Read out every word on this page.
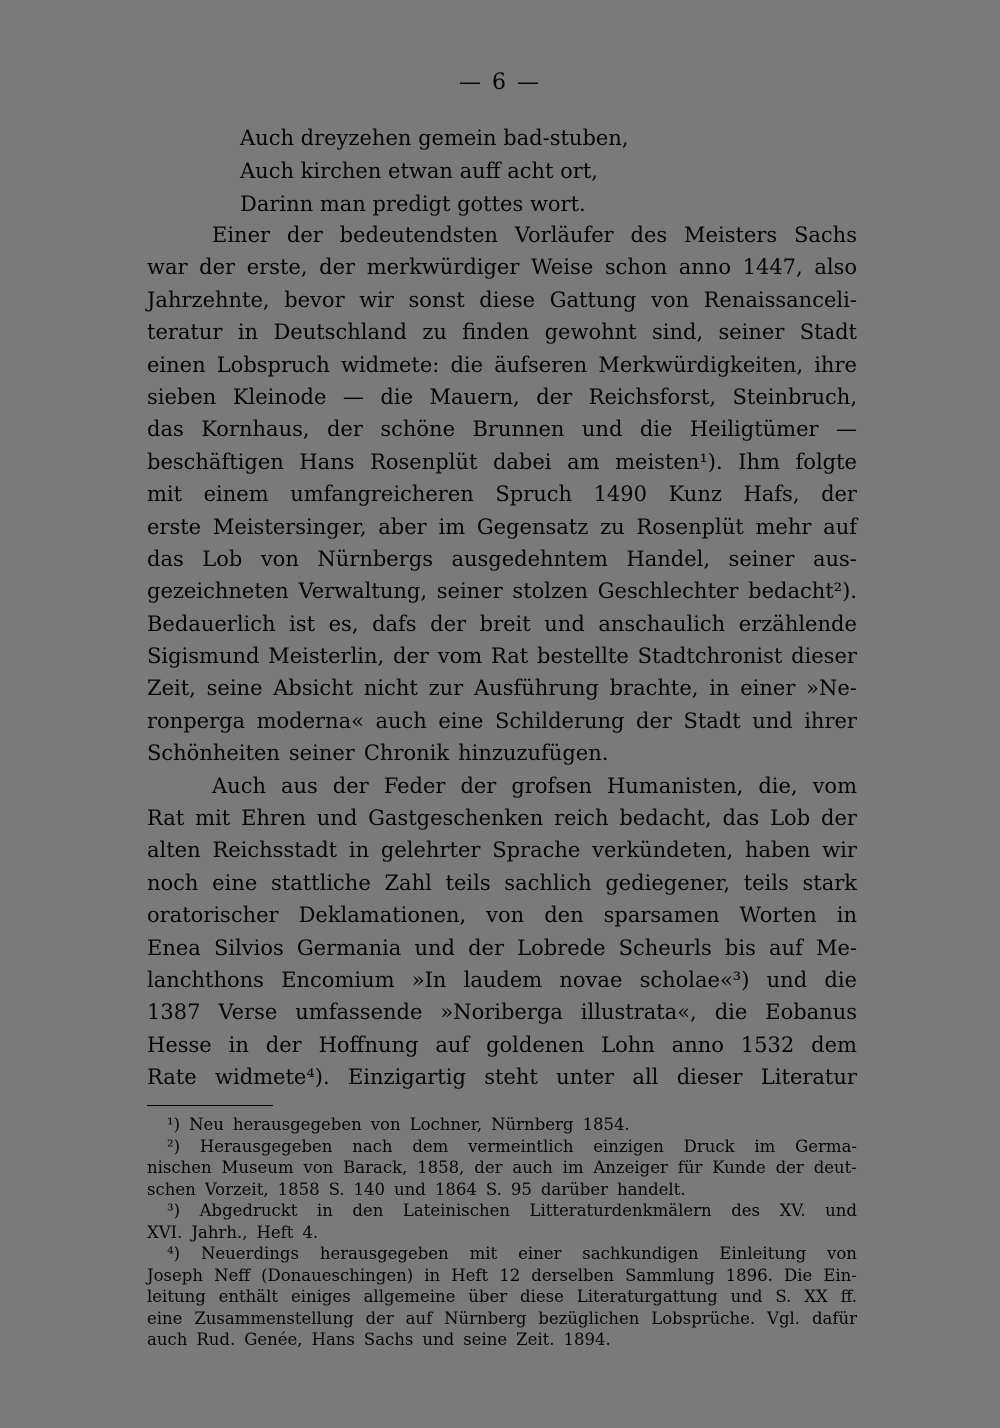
— 6 —
Auch dreyzehen gemein bad-stuben,
Auch kirchen etwan auff acht ort,
Darinn man predigt gottes wort.
Einer der bedeutendsten Vorläufer des Meisters Sachs
war der erste, der merkwürdiger Weise schon anno 1447, also
Jahrzehnte, bevor wir sonst diese Gattung von Renaissanceli-
teratur in Deutschland zu finden gewohnt sind, seiner Stadt
einen Lobspruch widmete: die äufseren Merkwürdigkeiten, ihre
sieben Kleinode — die Mauern, der Reichsforst, Steinbruch,
das Kornhaus, der schöne Brunnen und die Heiligtümer —
beschäftigen Hans Rosenplüt dabei am meisten¹). Ihm folgte
mit einem umfangreicheren Spruch 1490 Kunz Hafs, der
erste Meistersinger, aber im Gegensatz zu Rosenplüt mehr auf
das Lob von Nürnbergs ausgedehntem Handel, seiner aus-
gezeichneten Verwaltung, seiner stolzen Geschlechter bedacht²).
Bedauerlich ist es, dafs der breit und anschaulich erzählende
Sigismund Meisterlin, der vom Rat bestellte Stadtchronist dieser
Zeit, seine Absicht nicht zur Ausführung brachte, in einer »Ne-
ronperga moderna« auch eine Schilderung der Stadt und ihrer
Schönheiten seiner Chronik hinzuzufügen.
Auch aus der Feder der grofsen Humanisten, die, vom
Rat mit Ehren und Gastgeschenken reich bedacht, das Lob der
alten Reichsstadt in gelehrter Sprache verkündeten, haben wir
noch eine stattliche Zahl teils sachlich gediegener, teils stark
oratorischer Deklamationen, von den sparsamen Worten in
Enea Silvios Germania und der Lobrede Scheurls bis auf Me-
lanchthons Encomium »In laudem novae scholae«³) und die
1387 Verse umfassende »Noriberga illustrata«, die Eobanus
Hesse in der Hoffnung auf goldenen Lohn anno 1532 dem
Rate widmete⁴). Einzigartig steht unter all dieser Literatur
¹) Neu herausgegeben von Lochner, Nürnberg 1854.
²) Herausgegeben nach dem vermeintlich einzigen Druck im Germa-
nischen Museum von Barack, 1858, der auch im Anzeiger für Kunde der deut-
schen Vorzeit, 1858 S. 140 und 1864 S. 95 darüber handelt.
³) Abgedruckt in den Lateinischen Litteraturdenkmälern des XV. und
XVI. Jahrh., Heft 4.
⁴) Neuerdings herausgegeben mit einer sachkundigen Einleitung von
Joseph Neff (Donaueschingen) in Heft 12 derselben Sammlung 1896. Die Ein-
leitung enthält einiges allgemeine über diese Literaturgattung und S. XX ff.
eine Zusammenstellung der auf Nürnberg bezüglichen Lobsprüche. Vgl. dafür
auch Rud. Genée, Hans Sachs und seine Zeit. 1894.
